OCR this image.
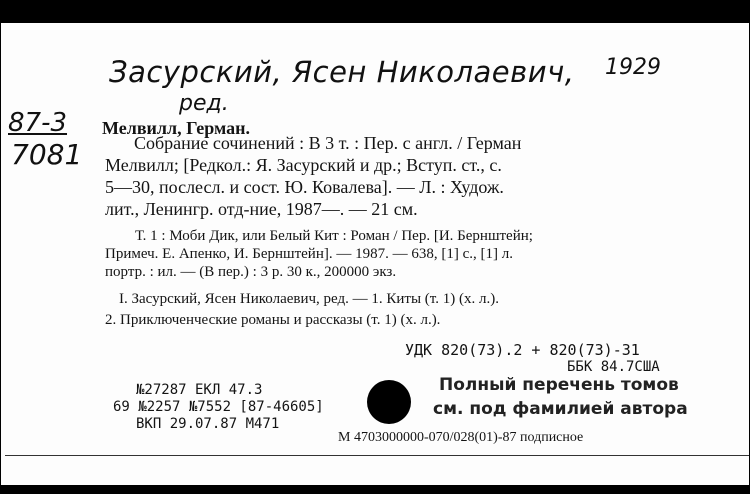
Засурский, Ясен Николаевич,
ред.
1929
87-3
7081
Мелвилл, Герман.
Собрание сочинений : В 3 т. : Пер. с англ. / Герман
Мелвилл; [Редкол.: Я. Засурский и др.; Вступ. ст., с.
5—30, послесл. и сост. Ю. Ковалева]. — Л. : Худож.
лит., Ленингр. отд-ние, 1987—. — 21 см.
Т. 1 : Моби Дик, или Белый Кит : Роман / Пер. [И. Бернштейн;
Примеч. Е. Апенко, И. Бернштейн]. — 1987. — 638, [1] с., [1] л.
портр. : ил. — (В пер.) : 3 р. 30 к., 200000 экз.
I. Засурский, Ясен Николаевич, ред. — 1. Киты (т. 1) (х. л.).
2. Приключенческие романы и рассказы (т. 1) (х. л.).
УДК 820(73).2 + 820(73)-31
ББК 84.7США
№27287 ЕКЛ 47.3
69 №2257 №7552 [87-46605]
ВКП 29.07.87 М471
Полный перечень томов
см. под фамилией автора
М 4703000000-070/028(01)-87 подписное
